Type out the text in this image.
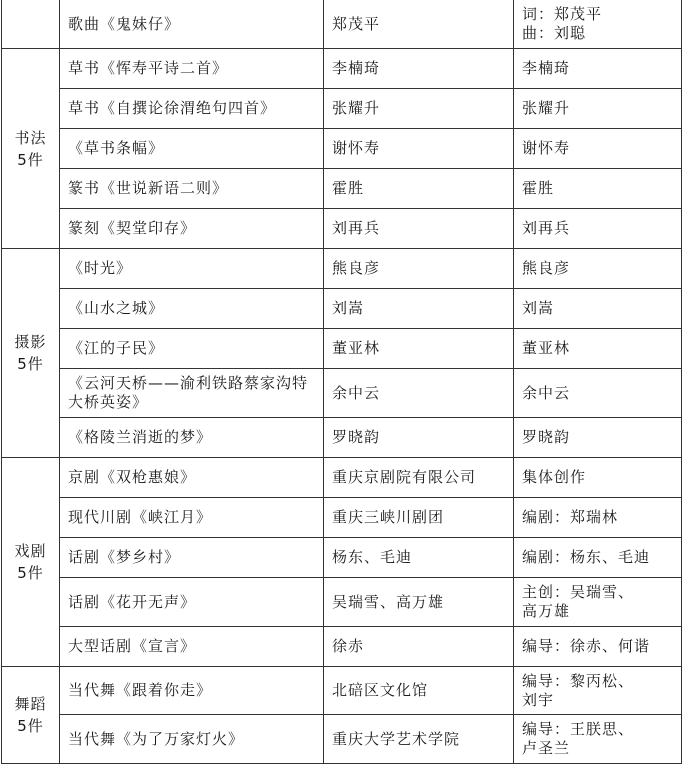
	歌曲《鬼妹仔》	郑茂平	词：郑茂平
曲：刘聪

书法
5件	草书《恽寿平诗二首》	李楠琦	李楠琦
	草书《自撰论徐渭绝句四首》	张耀升	张耀升
	《草书条幅》	谢怀寿	谢怀寿
	篆书《世说新语二则》	霍胜	霍胜
	篆刻《契堂印存》	刘再兵	刘再兵

摄影
5件	《时光》	熊良彦	熊良彦
	《山水之城》	刘嵩	刘嵩
	《江的子民》	董亚林	董亚林
	《云河天桥——渝利铁路蔡家沟特大桥英姿》	余中云	余中云
	《格陵兰消逝的梦》	罗晓韵	罗晓韵

戏剧
5件	京剧《双枪惠娘》	重庆京剧院有限公司	集体创作
	现代川剧《峡江月》	重庆三峡川剧团	编剧：郑瑞林
	话剧《梦乡村》	杨东、毛迪	编剧：杨东、毛迪
	话剧《花开无声》	吴瑞雪、高万雄	主创：吴瑞雪、
高万雄

	大型话剧《宣言》	徐赤	编导：徐赤、何谐

舞蹈
5件	当代舞《跟着你走》	北碚区文化馆	编导：黎丙松、
刘宇

	当代舞《为了万家灯火》	重庆大学艺术学院	编导：王朕思、
卢圣兰
